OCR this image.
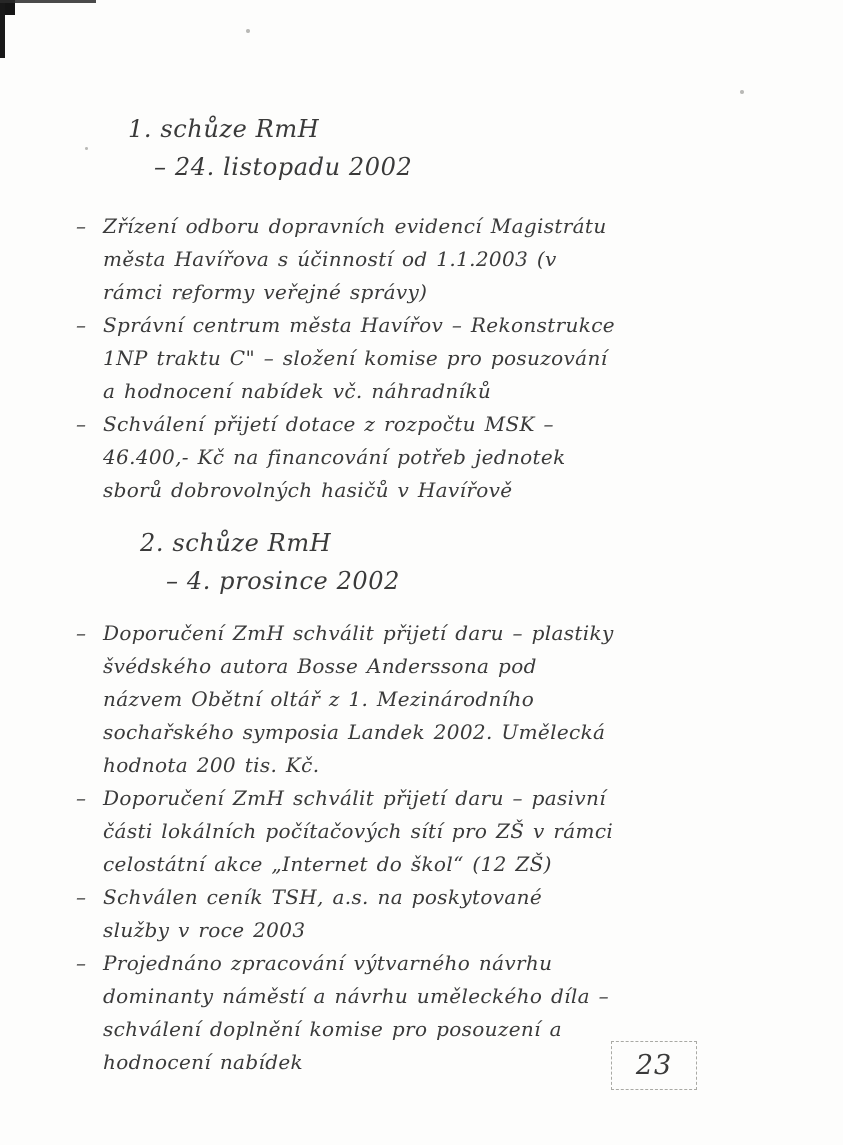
1. schůze RmH
– 24. listopadu 2002
– Zřízení odboru dopravních evidencí Magistrátu města Havířova s účinností od 1.1.2003 (v rámci reformy veřejné správy)
– Správní centrum města Havířov – Rekonstrukce 1NP traktu C" – složení komise pro posuzování a hodnocení nabídek vč. náhradníků
– Schválení přijetí dotace z rozpočtu MSK – 46.400,- Kč na financování potřeb jednotek sborů dobrovolných hasičů v Havířově
2. schůze RmH
– 4. prosince 2002
– Doporučení ZmH schválit přijetí daru – plastiky švédského autora Bosse Anderssona pod názvem Obětní oltář z 1. Mezinárodního sochařského symposia Landek 2002. Umělecká hodnota 200 tis. Kč.
– Doporučení ZmH schválit přijetí daru – pasivní části lokálních počítačových sítí pro ZŠ v rámci celostátní akce „Internet do škol“ (12 ZŠ)
– Schválen ceník TSH, a.s. na poskytované služby v roce 2003
– Projednáno zpracování výtvarného návrhu dominanty náměstí a návrhu uměleckého díla – schválení doplnění komise pro posouzení a hodnocení nabídek	23
